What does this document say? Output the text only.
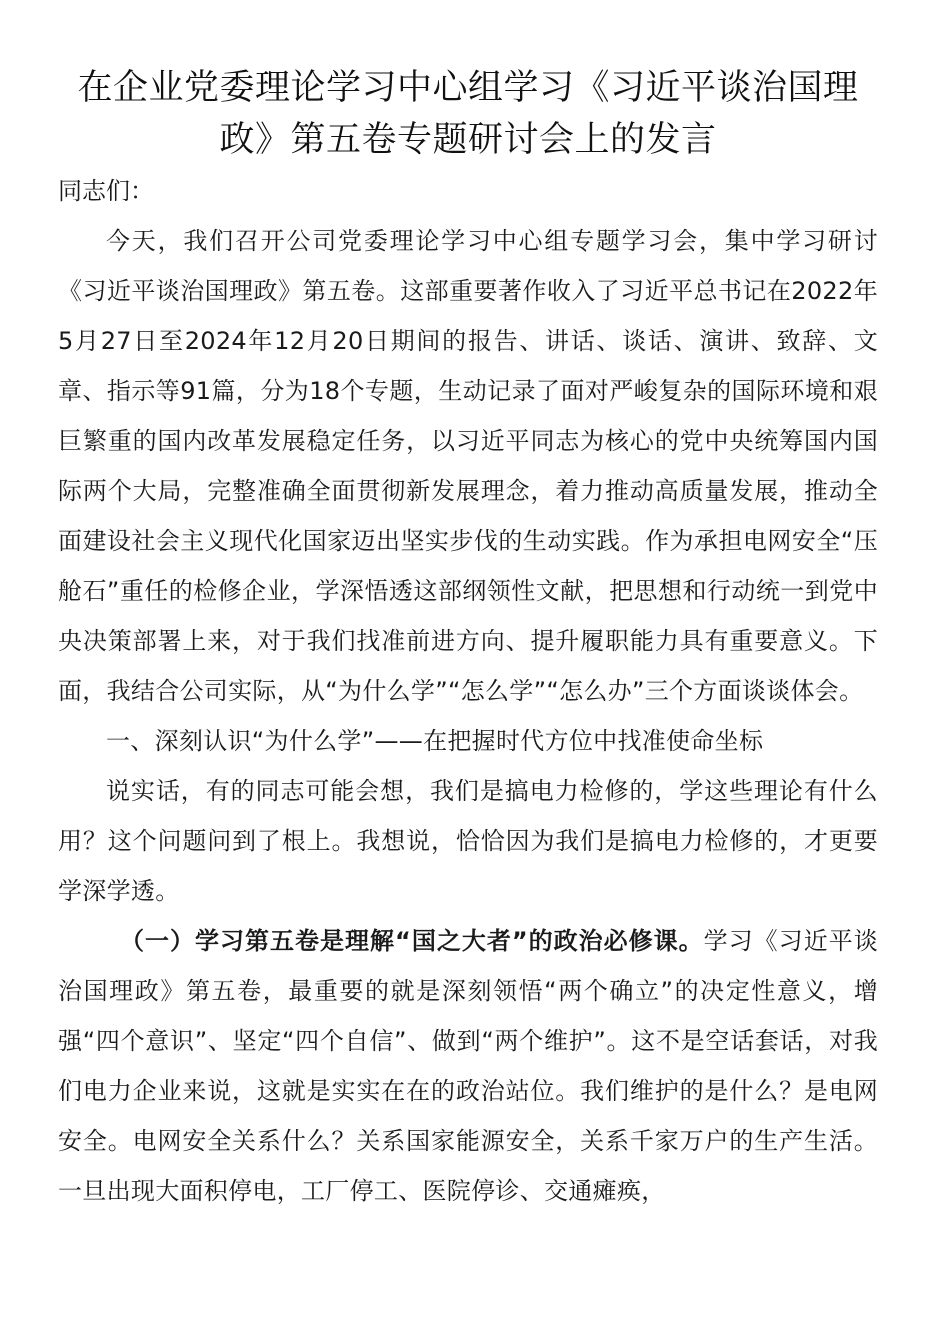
在企业党委理论学习中心组学习《习近平谈治国理政》第五卷专题研讨会上的发言

同志们：

今天，我们召开公司党委理论学习中心组专题学习会，集中学习研讨《习近平谈治国理政》第五卷。这部重要著作收入了习近平总书记在2022年5月27日至2024年12月20日期间的报告、讲话、谈话、演讲、致辞、文章、指示等91篇，分为18个专题，生动记录了面对严峻复杂的国际环境和艰巨繁重的国内改革发展稳定任务，以习近平同志为核心的党中央统筹国内国际两个大局，完整准确全面贯彻新发展理念，着力推动高质量发展，推动全面建设社会主义现代化国家迈出坚实步伐的生动实践。作为承担电网安全“压舱石”重任的检修企业，学深悟透这部纲领性文献，把思想和行动统一到党中央决策部署上来，对于我们找准前进方向、提升履职能力具有重要意义。下面，我结合公司实际，从“为什么学”“怎么学”“怎么办”三个方面谈谈体会。

一、深刻认识“为什么学”——在把握时代方位中找准使命坐标

说实话，有的同志可能会想，我们是搞电力检修的，学这些理论有什么用？这个问题问到了根上。我想说，恰恰因为我们是搞电力检修的，才更要学深学透。

（一）学习第五卷是理解“国之大者”的政治必修课。学习《习近平谈治国理政》第五卷，最重要的就是深刻领悟“两个确立”的决定性意义，增强“四个意识”、坚定“四个自信”、做到“两个维护”。这不是空话套话，对我们电力企业来说，这就是实实在在的政治站位。我们维护的是什么？是电网安全。电网安全关系什么？关系国家能源安全，关系千家万户的生产生活。一旦出现大面积停电，工厂停工、医院停诊、交通瘫痪，
